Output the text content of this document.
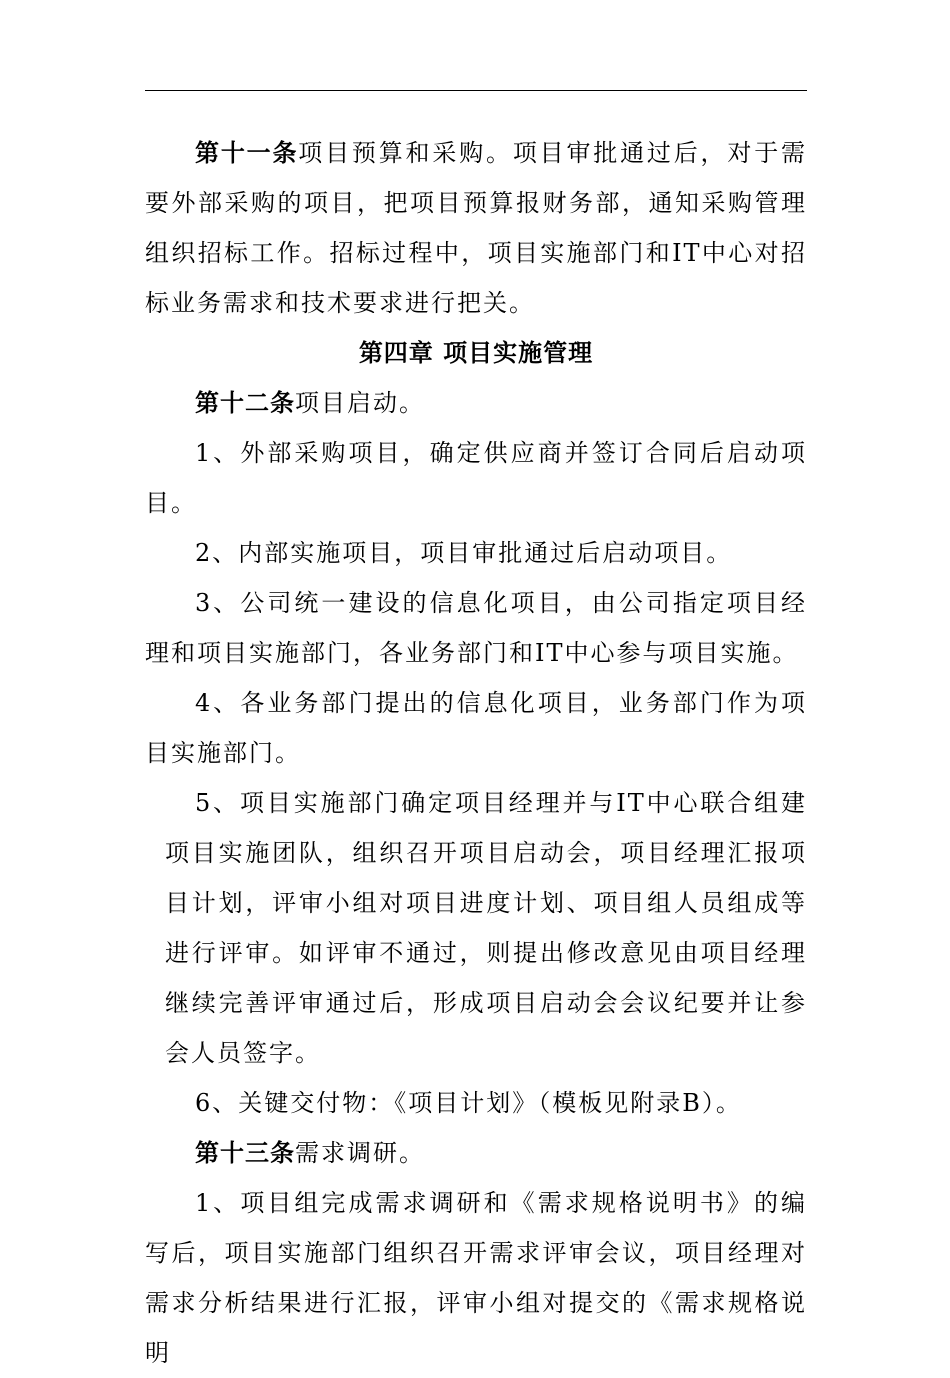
第十一条项目预算和采购。项目审批通过后，对于需要外部采购的项目，把项目预算报财务部，通知采购管理组织招标工作。招标过程中，项目实施部门和IT中心对招标业务需求和技术要求进行把关。

第四章 项目实施管理

第十二条项目启动。

1、外部采购项目，确定供应商并签订合同后启动项目。

2、内部实施项目，项目审批通过后启动项目。

3、公司统一建设的信息化项目，由公司指定项目经理和项目实施部门，各业务部门和IT中心参与项目实施。

4、各业务部门提出的信息化项目，业务部门作为项目实施部门。

5、项目实施部门确定项目经理并与IT中心联合组建项目实施团队，组织召开项目启动会，项目经理汇报项目计划，评审小组对项目进度计划、项目组人员组成等进行评审。如评审不通过，则提出修改意见由项目经理继续完善评审通过后，形成项目启动会会议纪要并让参会人员签字。

6、关键交付物：《项目计划》（模板见附录B）。

第十三条需求调研。

1、项目组完成需求调研和《需求规格说明书》的编写后，项目实施部门组织召开需求评审会议，项目经理对需求分析结果进行汇报，评审小组对提交的《需求规格说明
